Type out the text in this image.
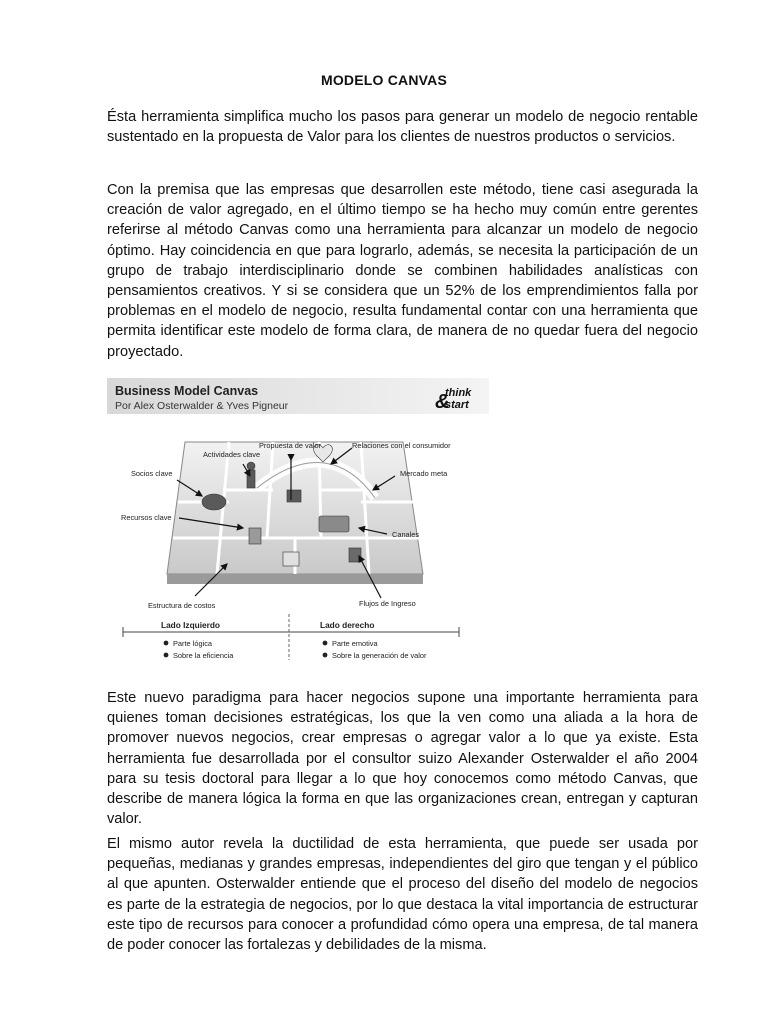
MODELO CANVAS

Ésta herramienta simplifica mucho los pasos para generar un modelo de negocio rentable sustentado en la propuesta de Valor para los clientes de nuestros productos o servicios.

Con la premisa que las empresas que desarrollen este método, tiene casi asegurada la creación de valor agregado, en el último tiempo se ha hecho muy común entre gerentes referirse al método Canvas como una herramienta para alcanzar un modelo de negocio óptimo. Hay coincidencia en que para lograrlo, además, se necesita la participación de un grupo de trabajo interdisciplinario donde se combinen habilidades analísticas con pensamientos creativos. Y si se considera que un 52% de los emprendimientos falla por problemas en el modelo de negocio, resulta fundamental contar con una herramienta que permita identificar este modelo de forma clara, de manera de no quedar fuera del negocio proyectado.

Business Model Canvas
Por Alex Osterwalder & Yves Pigneur
think
start
&
Propuesta de valor	Relaciones con el consumidor
Actividades clave
Socios clave	Mercado meta
Recursos clave
Canales
Estructura de costos	Flujos de Ingreso
Lado Izquierdo
Parte lógica
Sobre la eficiencia
Lado derecho
Parte emotiva
Sobre la generación de valor

Este nuevo paradigma para hacer negocios supone una importante herramienta para quienes toman decisiones estratégicas, los que la ven como una aliada a la hora de promover nuevos negocios, crear empresas o agregar valor a lo que ya existe. Esta herramienta fue desarrollada por el consultor suizo Alexander Osterwalder el año 2004 para su tesis doctoral para llegar a lo que hoy conocemos como método Canvas, que describe de manera lógica la forma en que las organizaciones crean, entregan y capturan valor.

El mismo autor revela la ductilidad de esta herramienta, que puede ser usada por pequeñas, medianas y grandes empresas, independientes del giro que tengan y el público al que apunten. Osterwalder entiende que el proceso del diseño del modelo de negocios es parte de la estrategia de negocios, por lo que destaca la vital importancia de estructurar este tipo de recursos para conocer a profundidad cómo opera una empresa, de tal manera de poder conocer las fortalezas y debilidades de la misma.
